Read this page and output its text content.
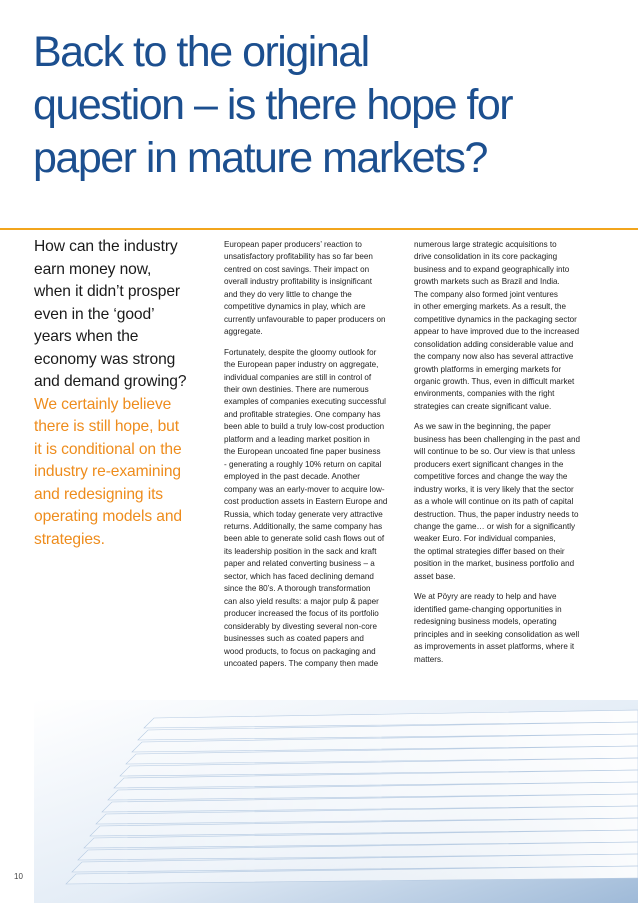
Back to the original
question – is there hope for
paper in mature markets?
How can the industry
earn money now,
when it didn’t prosper
even in the ‘good’
years when the
economy was strong
and demand growing?
We certainly believe
there is still hope, but
it is conditional on the
industry re-examining
and redesigning its
operating models and
strategies.

European paper producers’ reaction to
unsatisfactory profitability has so far been
centred on cost savings. Their impact on
overall industry profitability is insignificant
and they do very little to change the
competitive dynamics in play, which are
currently unfavourable to paper producers on
aggregate.

Fortunately, despite the gloomy outlook for
the European paper industry on aggregate,
individual companies are still in control of
their own destinies. There are numerous
examples of companies executing successful
and profitable strategies. One company has
been able to build a truly low-cost production
platform and a leading market position in
the European uncoated fine paper business
- generating a roughly 10% return on capital
employed in the past decade. Another
company was an early-mover to acquire low-
cost production assets in Eastern Europe and
Russia, which today generate very attractive
returns. Additionally, the same company has
been able to generate solid cash flows out of
its leadership position in the sack and kraft
paper and related converting business – a
sector, which has faced declining demand
since the 80’s. A thorough transformation
can also yield results: a major pulp & paper
producer increased the focus of its portfolio
considerably by divesting several non-core
businesses such as coated papers and
wood products, to focus on packaging and
uncoated papers. The company then made

numerous large strategic acquisitions to
drive consolidation in its core packaging
business and to expand geographically into
growth markets such as Brazil and India.
The company also formed joint ventures
in other emerging markets. As a result, the
competitive dynamics in the packaging sector
appear to have improved due to the increased
consolidation adding considerable value and
the company now also has several attractive
growth platforms in emerging markets for
organic growth. Thus, even in difficult market
environments, companies with the right
strategies can create significant value.

As we saw in the beginning, the paper
business has been challenging in the past and
will continue to be so. Our view is that unless
producers exert significant changes in the
competitive forces and change the way the
industry works, it is very likely that the sector
as a whole will continue on its path of capital
destruction. Thus, the paper industry needs to
change the game… or wish for a significantly
weaker Euro. For individual companies,
the optimal strategies differ based on their
position in the market, business portfolio and
asset base.

We at Pöyry are ready to help and have
identified game-changing opportunities in
redesigning business models, operating
principles and in seeking consolidation as well
as improvements in asset platforms, where it
matters.

10
